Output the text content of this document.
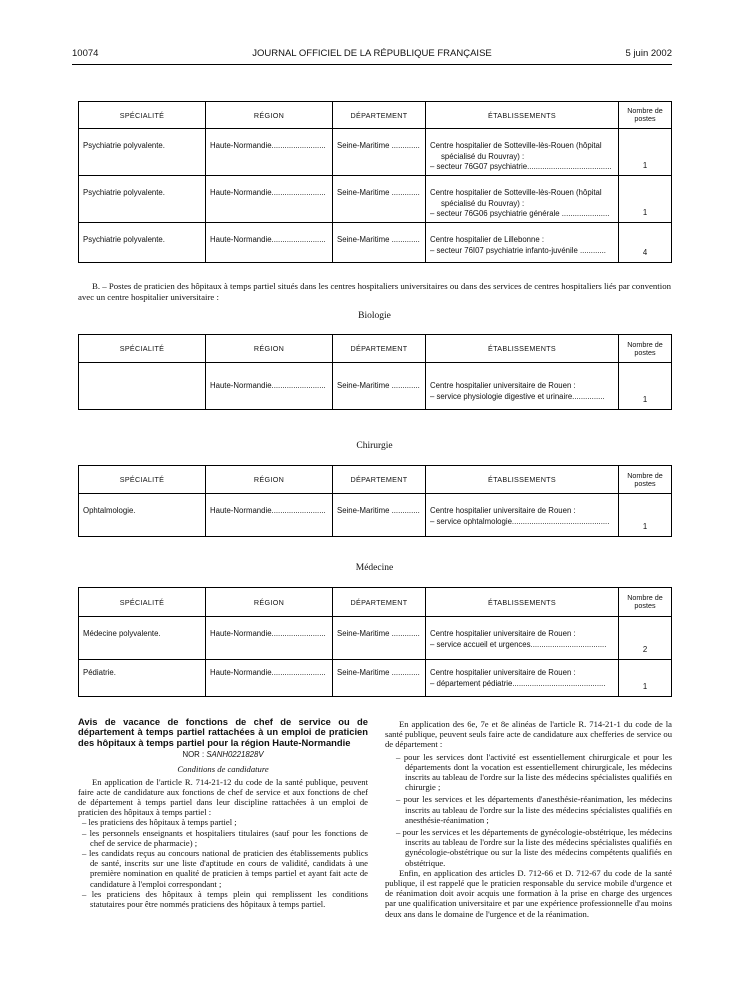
10074	JOURNAL OFFICIEL DE LA RÉPUBLIQUE FRANÇAISE	5 juin 2002
SPÉCIALITÉ	RÉGION	DÉPARTEMENT	ÉTABLISSEMENTS	Nombre de
postes
Psychiatrie polyvalente.	Haute-Normandie.........................	Seine-Maritime .............	Centre hospitalier de Sotteville-lès-Rouen (hôpital
spécialisé du Rouvray) :
– secteur 76G07 psychiatrie.......................................	1
Psychiatrie polyvalente.	Haute-Normandie.........................	Seine-Maritime .............	Centre hospitalier de Sotteville-lès-Rouen (hôpital
spécialisé du Rouvray) :
– secteur 76G06 psychiatrie générale ......................	1
Psychiatrie polyvalente.	Haute-Normandie.........................	Seine-Maritime .............	Centre hospitalier de Lillebonne :
– secteur 76I07 psychiatrie infanto-juvénile ............	4
B. – Postes de praticien des hôpitaux à temps partiel situés dans les centres hospitaliers universitaires ou dans des services de centres hospitaliers liés par convention avec un centre hospitalier universitaire :
Biologie
SPÉCIALITÉ	RÉGION	DÉPARTEMENT	ÉTABLISSEMENTS	Nombre de
postes
	Haute-Normandie.........................	Seine-Maritime .............	Centre hospitalier universitaire de Rouen :
– service physiologie digestive et urinaire...............	1
Chirurgie
SPÉCIALITÉ	RÉGION	DÉPARTEMENT	ÉTABLISSEMENTS	Nombre de
postes
Ophtalmologie.	Haute-Normandie.........................	Seine-Maritime .............	Centre hospitalier universitaire de Rouen :
– service ophtalmologie.............................................	1
Médecine
SPÉCIALITÉ	RÉGION	DÉPARTEMENT	ÉTABLISSEMENTS	Nombre de
postes
Médecine polyvalente.	Haute-Normandie.........................	Seine-Maritime .............	Centre hospitalier universitaire de Rouen :
– service accueil et urgences...................................	2
Pédiatrie.	Haute-Normandie.........................	Seine-Maritime .............	Centre hospitalier universitaire de Rouen :
– département pédiatrie...........................................	1

Avis de vacance de fonctions de chef de service ou de département à temps partiel rattachées à un emploi de praticien des hôpitaux à temps partiel pour la région Haute-Normandie

NOR : SANH0221828V

Conditions de candidature

En application de l'article R. 714-21-12 du code de la santé publique, peuvent faire acte de candidature aux fonctions de chef de service et aux fonctions de chef de département à temps partiel dans leur discipline rattachées à un emploi de praticien des hôpitaux à temps partiel :

– les praticiens des hôpitaux à temps partiel ;

– les personnels enseignants et hospitaliers titulaires (sauf pour les fonctions de chef de service de pharmacie) ;

– les candidats reçus au concours national de praticien des établissements publics de santé, inscrits sur une liste d'aptitude en cours de validité, candidats à une première nomination en qualité de praticien à temps partiel et ayant fait acte de candidature à l'emploi correspondant ;

– les praticiens des hôpitaux à temps plein qui remplissent les conditions statutaires pour être nommés praticiens des hôpitaux à temps partiel.

En application des 6e, 7e et 8e alinéas de l'article R. 714-21-1 du code de la santé publique, peuvent seuls faire acte de candidature aux chefferies de service ou de département :

– pour les services dont l'activité est essentiellement chirurgicale et pour les départements dont la vocation est essentiellement chirurgicale, les médecins inscrits au tableau de l'ordre sur la liste des médecins spécialistes qualifiés en chirurgie ;

– pour les services et les départements d'anesthésie-réanimation, les médecins inscrits au tableau de l'ordre sur la liste des médecins spécialistes qualifiés en anesthésie-réanimation ;

– pour les services et les départements de gynécologie-obstétrique, les médecins inscrits au tableau de l'ordre sur la liste des médecins spécialistes qualifiés en gynécologie-obstétrique ou sur la liste des médecins compétents qualifiés en obstétrique.

Enfin, en application des articles D. 712-66 et D. 712-67 du code de la santé publique, il est rappelé que le praticien responsable du service mobile d'urgence et de réanimation doit avoir acquis une formation à la prise en charge des urgences par une qualification universitaire et par une expérience professionnelle d'au moins deux ans dans le domaine de l'urgence et de la réanimation.
